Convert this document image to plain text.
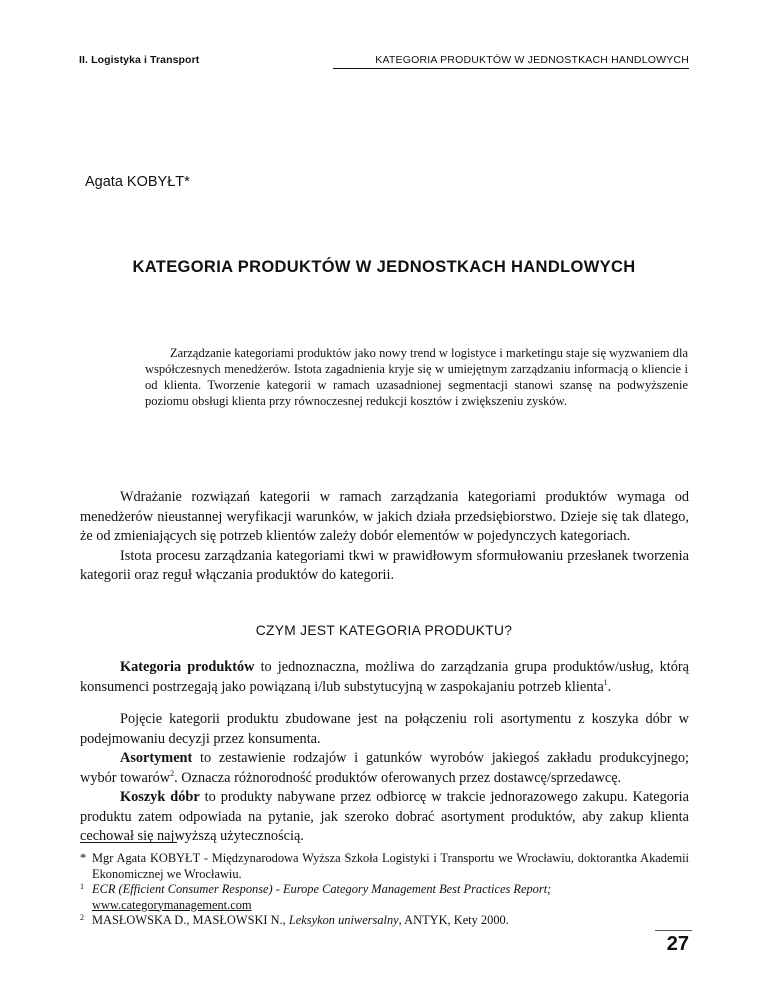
II. Logistyka i Transport	KATEGORIA PRODUKTÓW W JEDNOSTKACH HANDLOWYCH
Agata KOBYŁT*
KATEGORIA PRODUKTÓW W JEDNOSTKACH HANDLOWYCH
Zarządzanie kategoriami produktów jako nowy trend w logistyce i marketingu staje się wyzwaniem dla współczesnych menedżerów. Istota zagadnienia kryje się w umiejętnym zarządzaniu informacją o kliencie i od klienta. Tworzenie kategorii w ramach uzasadnionej segmentacji stanowi szansę na podwyższenie poziomu obsługi klienta przy równoczesnej redukcji kosztów i zwiększeniu zysków.

Wdrażanie rozwiązań kategorii w ramach zarządzania kategoriami produktów wymaga od menedżerów nieustannej weryfikacji warunków, w jakich działa przedsiębiorstwo. Dzieje się tak dlatego, że od zmieniających się potrzeb klientów zależy dobór elementów w pojedynczych kategoriach.

Istota procesu zarządzania kategoriami tkwi w prawidłowym sformułowaniu przesłanek tworzenia kategorii oraz reguł włączania produktów do kategorii.

CZYM JEST KATEGORIA PRODUKTU?

Kategoria produktów to jednoznaczna, możliwa do zarządzania grupa produktów/usług, którą konsumenci postrzegają jako powiązaną i/lub substytucyjną w zaspokajaniu potrzeb klienta$^1$.

Pojęcie kategorii produktu zbudowane jest na połączeniu roli asortymentu z koszyka dóbr w podejmowaniu decyzji przez konsumenta.

Asortyment to zestawienie rodzajów i gatunków wyrobów jakiegoś zakładu produkcyjnego; wybór towarów$^2$. Oznacza różnorodność produktów oferowanych przez dostawcę/sprzedawcę.

Koszyk dóbr to produkty nabywane przez odbiorcę w trakcie jednorazowego zakupu. Kategoria produktu zatem odpowiada na pytanie, jak szeroko dobrać asortyment produktów, aby zakup klienta cechował się najwyższą użytecznością.

* Mgr Agata KOBYŁT - Międzynarodowa Wyższa Szkoła Logistyki i Transportu we Wrocławiu, doktorantka Akademii Ekonomicznej we Wrocławiu.
1 ECR (Efficient Consumer Response) - Europe Category Management Best Practices Report;
www.categorymanagement.com
2 MASŁOWSKA D., MASŁOWSKI N., Leksykon uniwersalny, ANTYK, Kety 2000.
27
